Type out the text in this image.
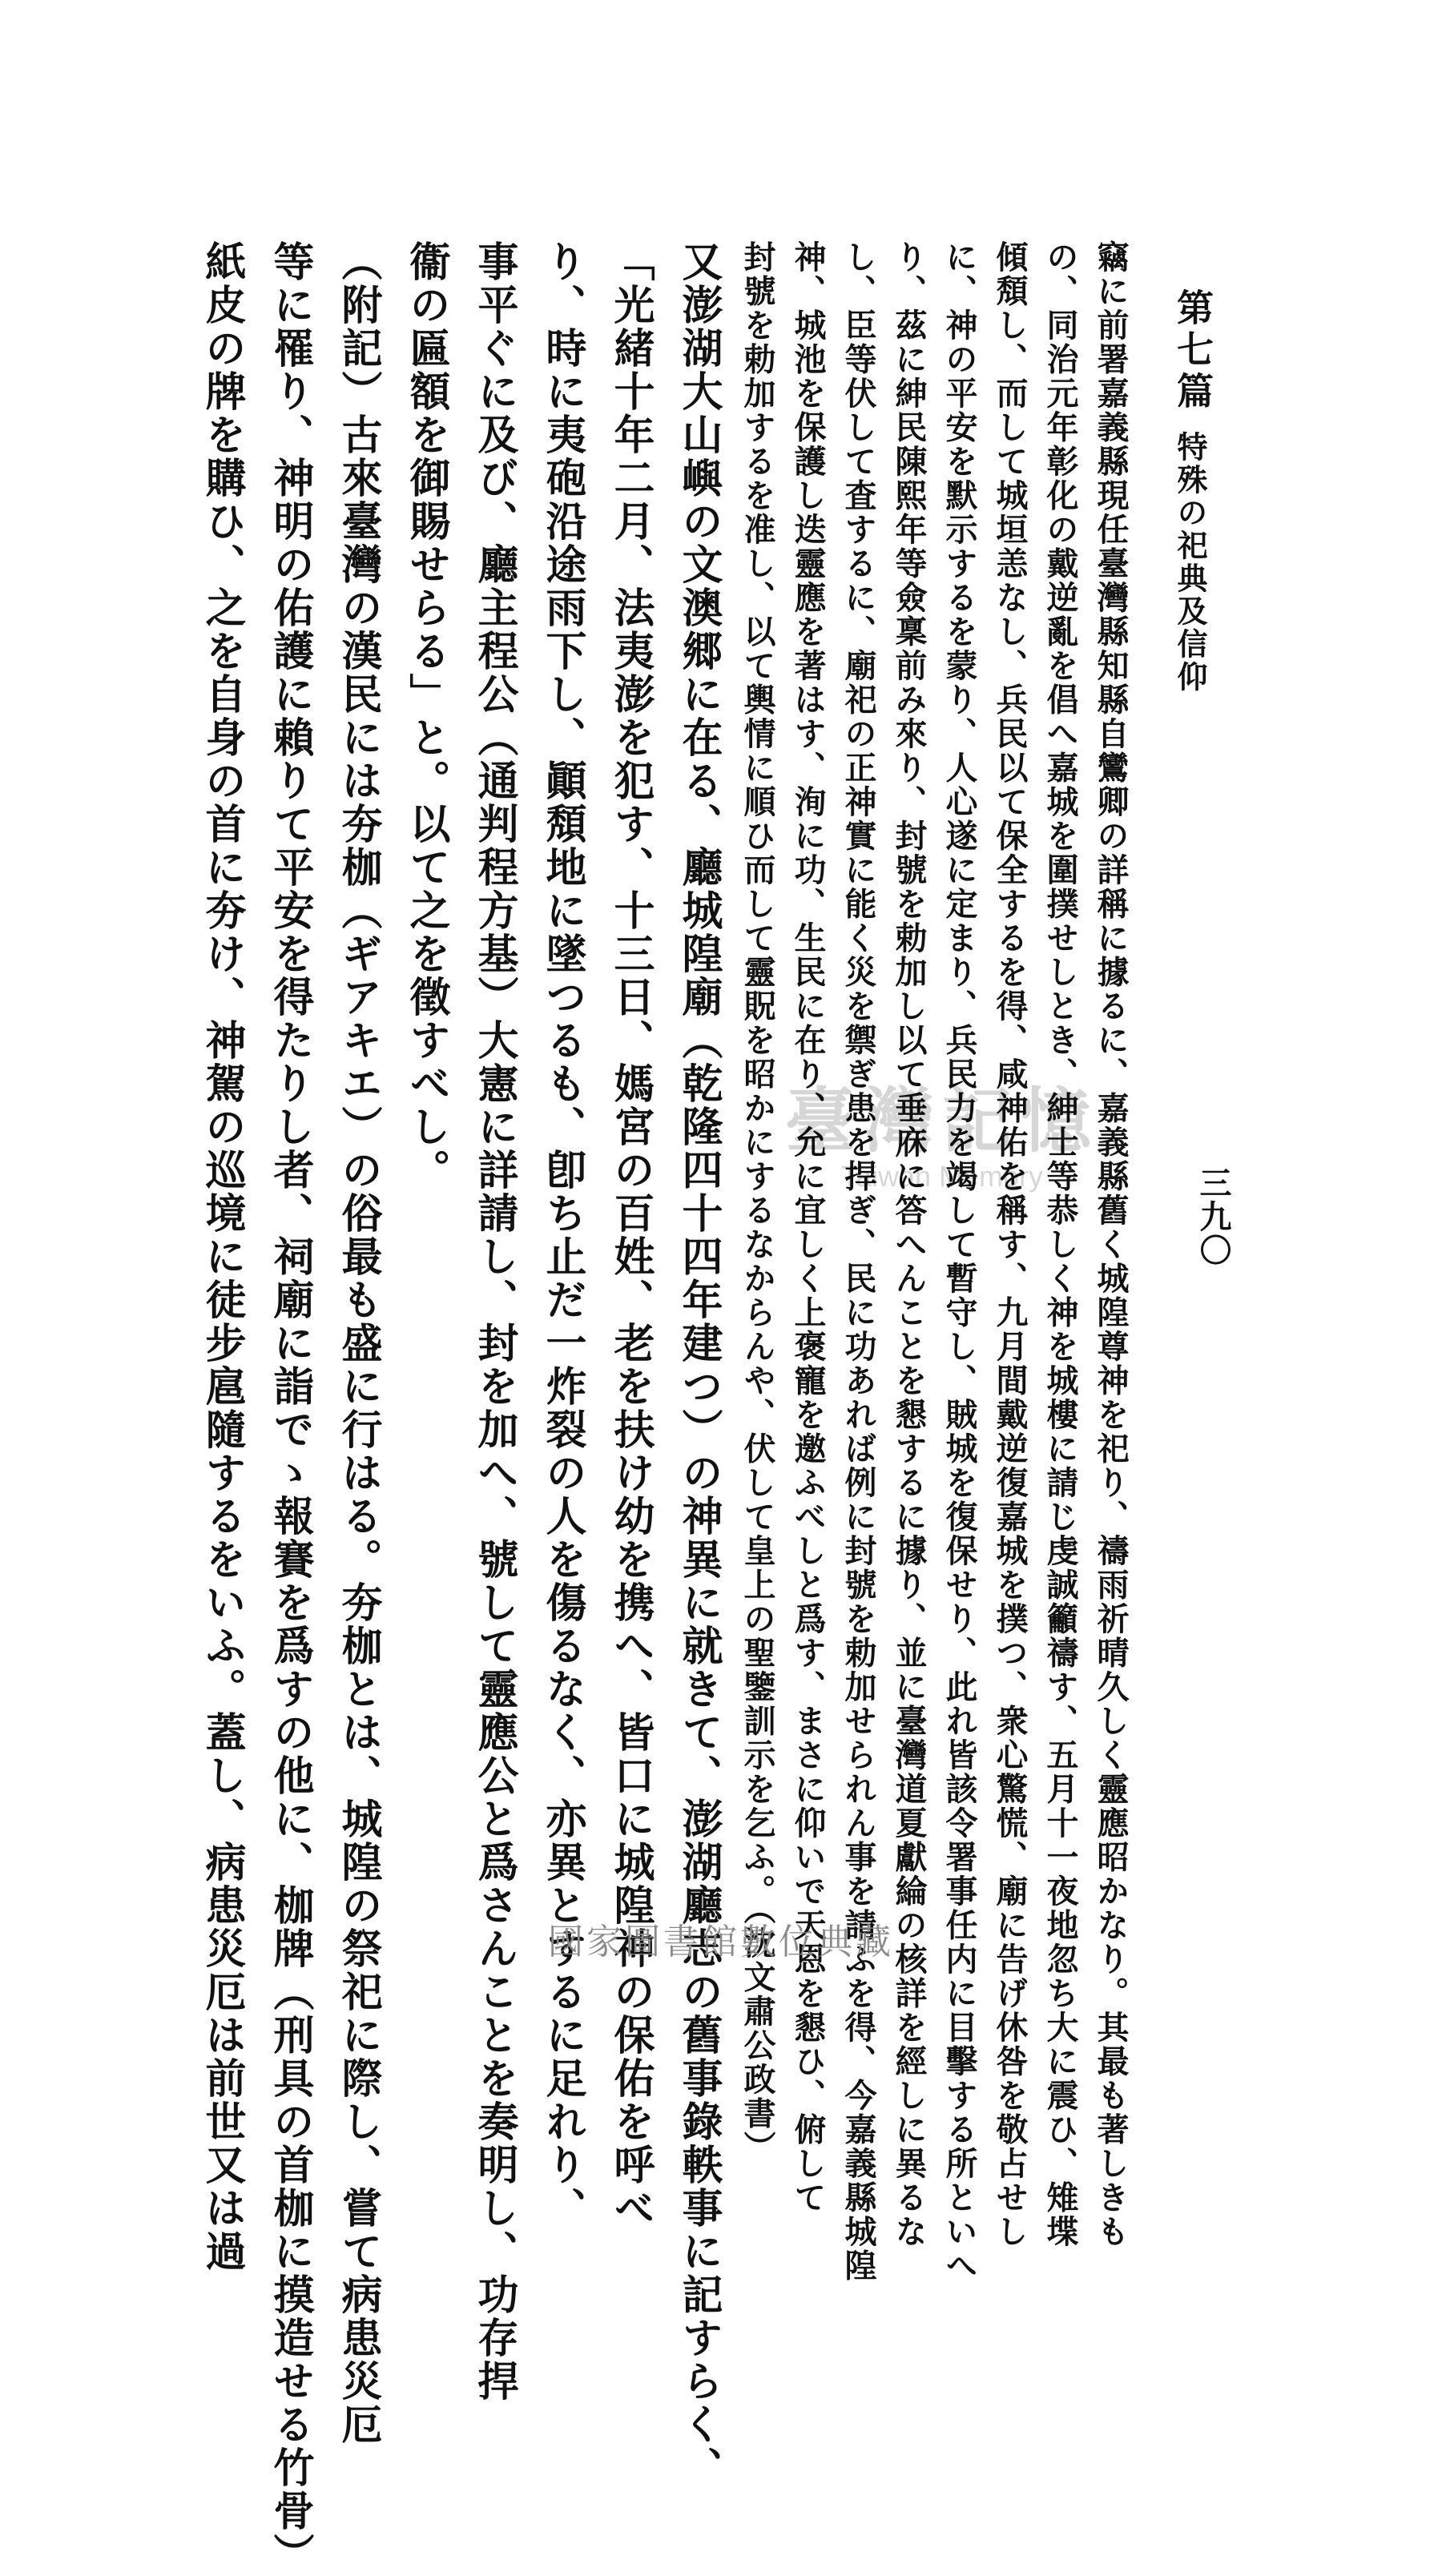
第七篇
特殊の祀典及信仰
三九〇
竊に前署嘉義縣現任臺灣縣知縣自鸞卿の詳稱に據るに、嘉義縣舊く城隍尊神を祀り、禱雨祈晴久しく靈應昭かなり。其最も著しきも
の、同治元年彰化の戴逆亂を倡へ嘉城を圍撲せしとき、紳士等恭しく神を城樓に請じ虔誠籲禱す、五月十一夜地忽ち大に震ひ、雉堞
傾頽し、而して城垣恙なし、兵民以て保全するを得、咸神佑を稱す、九月間戴逆復嘉城を撲つ、衆心驚慌、廟に告げ休咎を敬占せし
に、神の平安を默示するを蒙り、人心遂に定まり、兵民力を竭して暫守し、賊城を復保せり、此れ皆該令署事任内に目擊する所といへ
り、茲に紳民陳熙年等僉稟前み來り、封號を勅加し以て垂庥に答へんことを懇するに據り、並に臺灣道夏獻綸の核詳を經しに異るな
し、臣等伏して査するに、廟祀の正神實に能く災を禦ぎ患を捍ぎ、民に功あれば例に封號を勅加せられん事を請ふを得、今嘉義縣城隍
神、城池を保護し迭靈應を著はす、洵に功、生民に在り、允に宜しく上褒寵を邀ふべしと爲す、まさに仰いで天恩を懇ひ、俯して
封號を勅加するを准し、以て輿情に順ひ而して靈貺を昭かにするなからんや、伏して皇上の聖鑒訓示を乞ふ。（沈文肅公政書）
又澎湖大山嶼の文澳郷に在る、廳城隍廟（乾隆四十四年建つ）の神異に就きて、澎湖廳志の舊事錄軼事に記すらく、
「光緒十年二月、法夷澎を犯す、十三日、媽宮の百姓、老を扶け幼を携へ、皆口に城隍神の保佑を呼べ
り、時に夷砲沿途雨下し、顚頽地に墜つるも、卽ち止だ一炸裂の人を傷るなく、亦異とするに足れり、
事平ぐに及び、廳主程公（通判程方基）大憲に詳請し、封を加へ、號して靈應公と爲さんことを奏明し、功存捍
衞の匾額を御賜せらる」と。以て之を徵すべし。
（附記）古來臺灣の漢民には夯枷（ギアキエ）の俗最も盛に行はる。夯枷とは、城隍の祭祀に際し、嘗て病患災厄
等に罹り、神明の佑護に賴りて平安を得たりし者、祠廟に詣でゝ報賽を爲すの他に、枷牌（刑具の首枷に摸造せる竹骨）
紙皮の牌を購ひ、之を自身の首に夯け、神駕の巡境に徒步扈隨するをいふ。蓋し、病患災厄は前世又は過	臺灣記憶
Taiwan Memory
國家圖書館數位典藏
